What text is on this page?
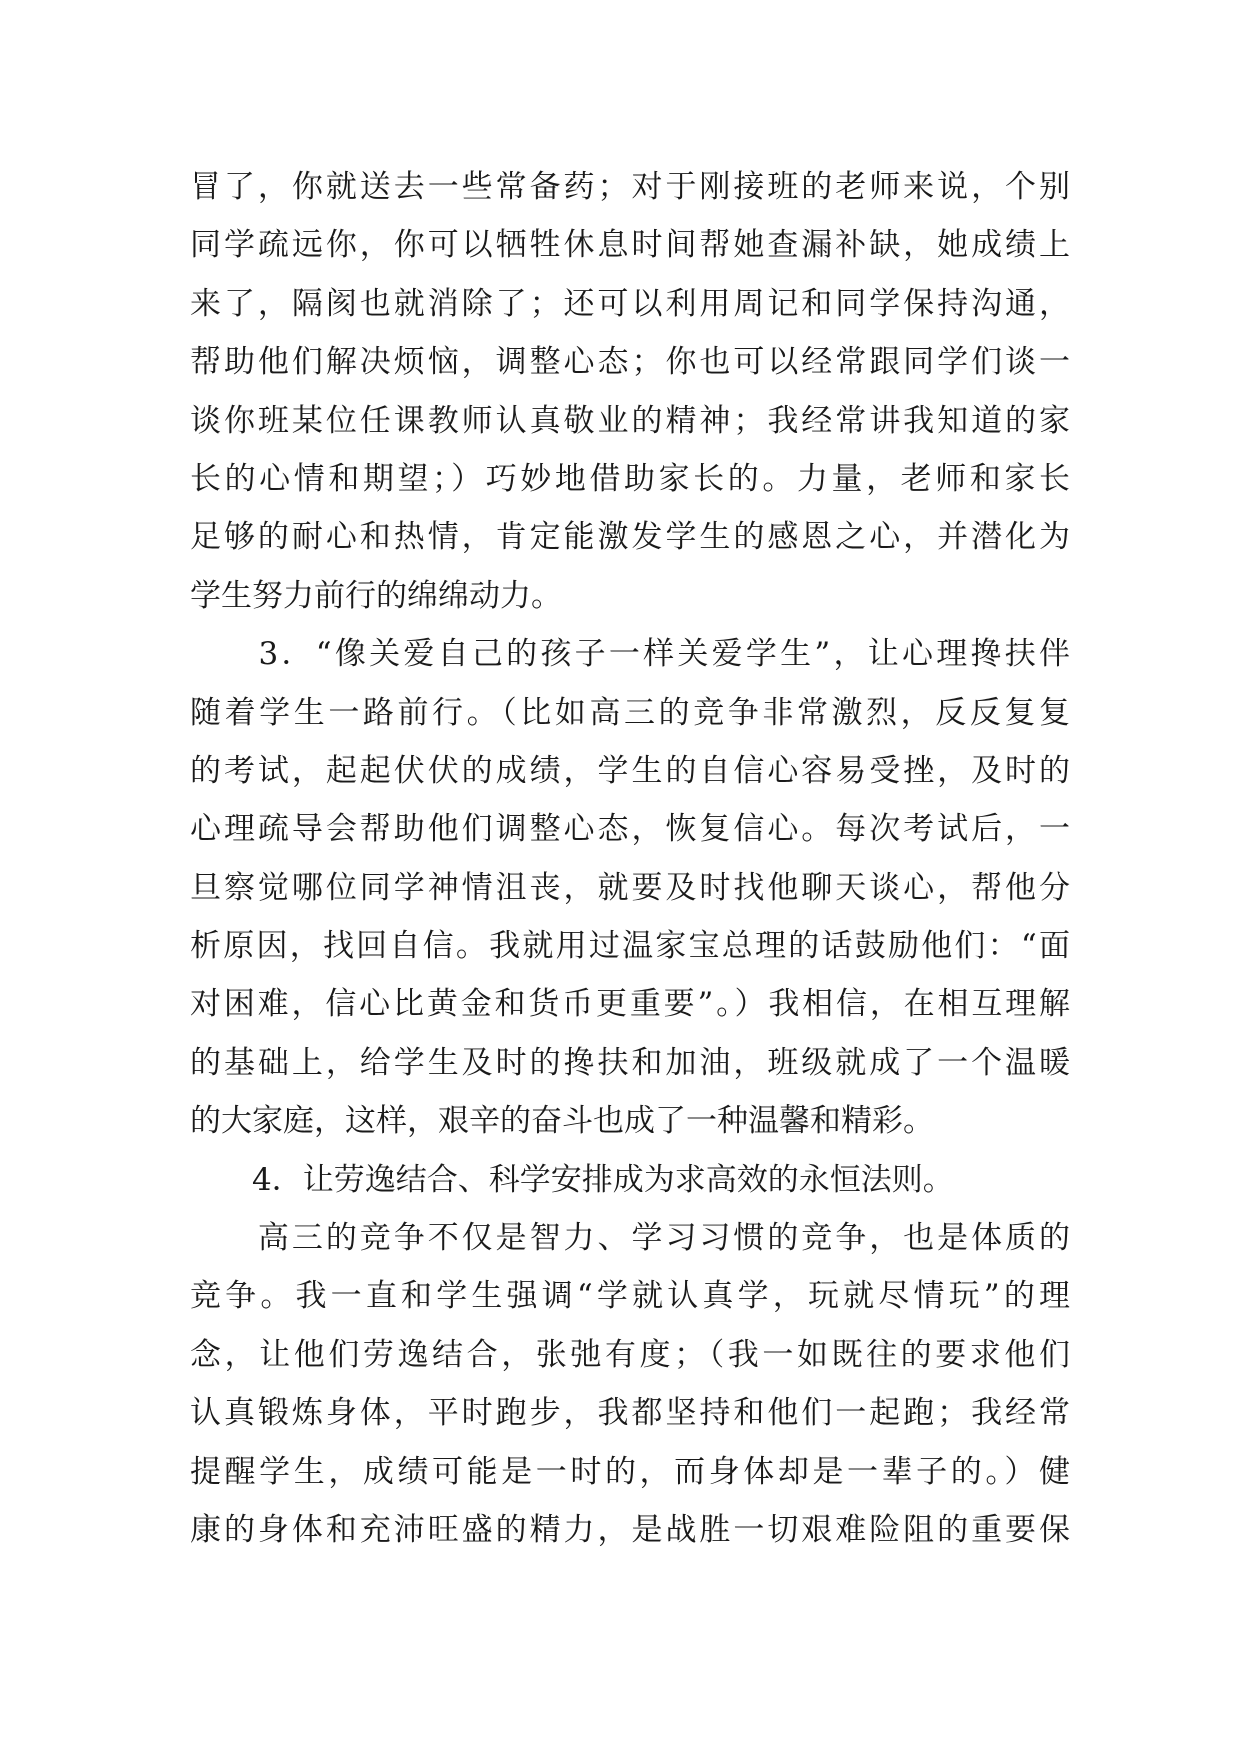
冒了，你就送去一些常备药；对于刚接班的老师来说，个别
同学疏远你，你可以牺牲休息时间帮她查漏补缺，她成绩上
来了，隔阂也就消除了；还可以利用周记和同学保持沟通，
帮助他们解决烦恼，调整心态；你也可以经常跟同学们谈一
谈你班某位任课教师认真敬业的精神；我经常讲我知道的家
长的心情和期望；）巧妙地借助家长的。力量，老师和家长
足够的耐心和热情，肯定能激发学生的感恩之心，并潜化为
学生努力前行的绵绵动力。
　　3．“像关爱自己的孩子一样关爱学生”，让心理搀扶伴
随着学生一路前行。（比如高三的竞争非常激烈，反反复复
的考试，起起伏伏的成绩，学生的自信心容易受挫，及时的
心理疏导会帮助他们调整心态，恢复信心。每次考试后，一
旦察觉哪位同学神情沮丧，就要及时找他聊天谈心，帮他分
析原因，找回自信。我就用过温家宝总理的话鼓励他们：“面
对困难，信心比黄金和货币更重要”。）我相信，在相互理解
的基础上，给学生及时的搀扶和加油，班级就成了一个温暖
的大家庭，这样，艰辛的奋斗也成了一种温馨和精彩。
　　4．让劳逸结合、科学安排成为求高效的永恒法则。
　　高三的竞争不仅是智力、学习习惯的竞争，也是体质的
竞争。我一直和学生强调“学就认真学，玩就尽情玩”的理
念，让他们劳逸结合，张弛有度；（我一如既往的要求他们
认真锻炼身体，平时跑步，我都坚持和他们一起跑；我经常
提醒学生，成绩可能是一时的，而身体却是一辈子的。）健
康的身体和充沛旺盛的精力，是战胜一切艰难险阻的重要保
